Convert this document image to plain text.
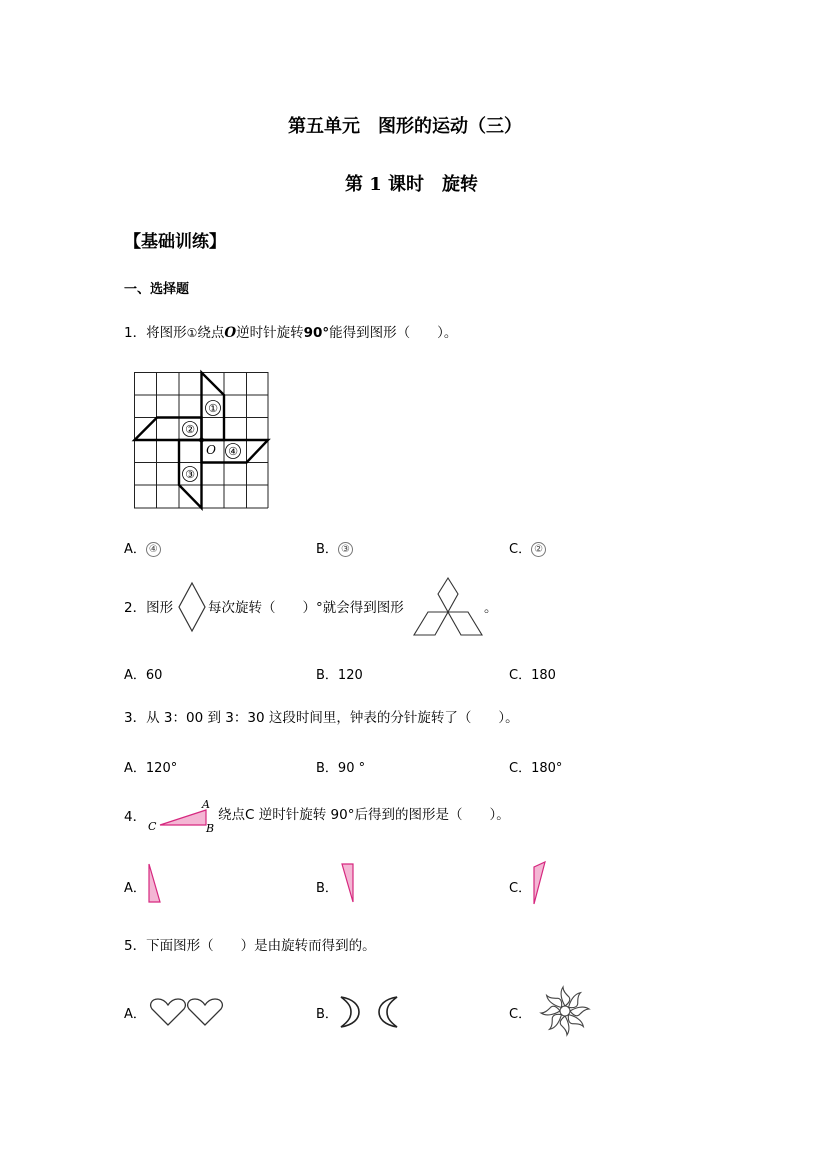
第五单元　图形的运动（三）
第 1 课时　旋转
【基础训练】
一、选择题
1．将图形①绕点O逆时针旋转90°能得到图形（　　）。
①
②
③
④
O
A． ④	B． ③	C． ②
2．图形	每次旋转（　　）°就会得到图形	。
A．60	B．120	C．180
3．从 3：00 到 3：30 这段时间里，钟表的分针旋转了（　　）。
A．120°	B．90 °	C．180°
4．
A
B
C
绕点C 逆时针旋转 90°后得到的图形是（　　）。
A．	B．	C．
5．下面图形（　　）是由旋转而得到的。
A．	B．	C．
